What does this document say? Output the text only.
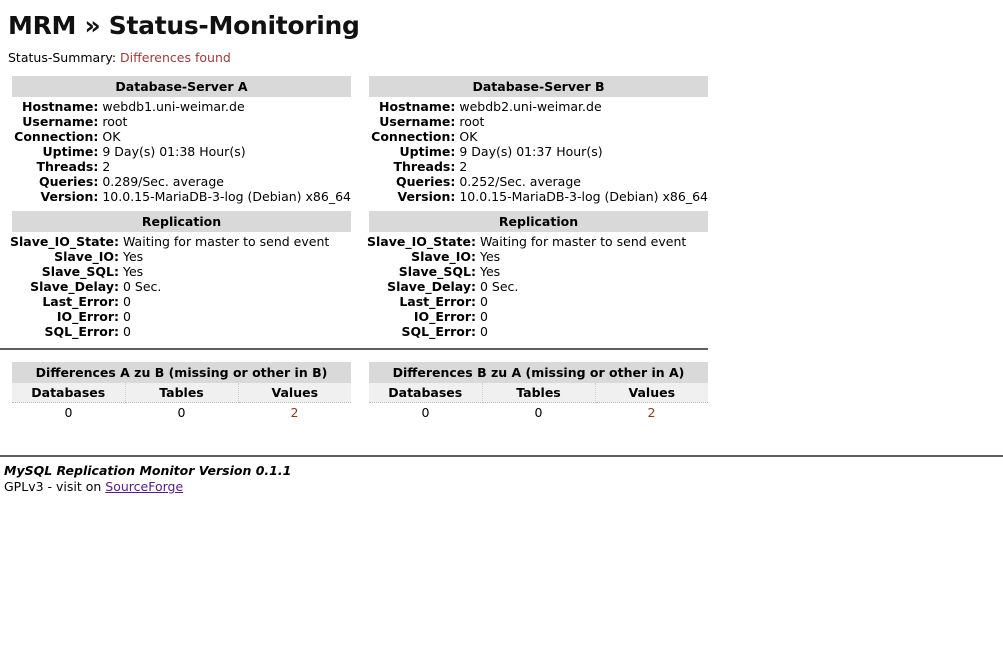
MRM » Status-Monitoring
Status-Summary: Differences found
Database-Server A
Hostname:	webdb1.uni-weimar.de
Username:	root
Connection:	OK
Uptime:	9 Day(s) 01:38 Hour(s)
Threads:	2
Queries:	0.289/Sec. average
Version:	10.0.15-MariaDB-3-log (Debian) x86_64
Replication
Slave_IO_State:	Waiting for master to send event
Slave_IO:	Yes
Slave_SQL:	Yes
Slave_Delay:	0 Sec.
Last_Error:	0
IO_Error:	0
SQL_Error:	0
Database-Server B
Hostname:	webdb2.uni-weimar.de
Username:	root
Connection:	OK
Uptime:	9 Day(s) 01:37 Hour(s)
Threads:	2
Queries:	0.252/Sec. average
Version:	10.0.15-MariaDB-3-log (Debian) x86_64
Replication
Slave_IO_State:	Waiting for master to send event
Slave_IO:	Yes
Slave_SQL:	Yes
Slave_Delay:	0 Sec.
Last_Error:	0
IO_Error:	0
SQL_Error:	0
Differences A zu B (missing or other in B)
Databases	Tables	Values
0	0	2
Differences B zu A (missing or other in A)
Databases	Tables	Values
0	0	2
MySQL Replication Monitor Version 0.1.1
GPLv3 - visit on SourceForge
